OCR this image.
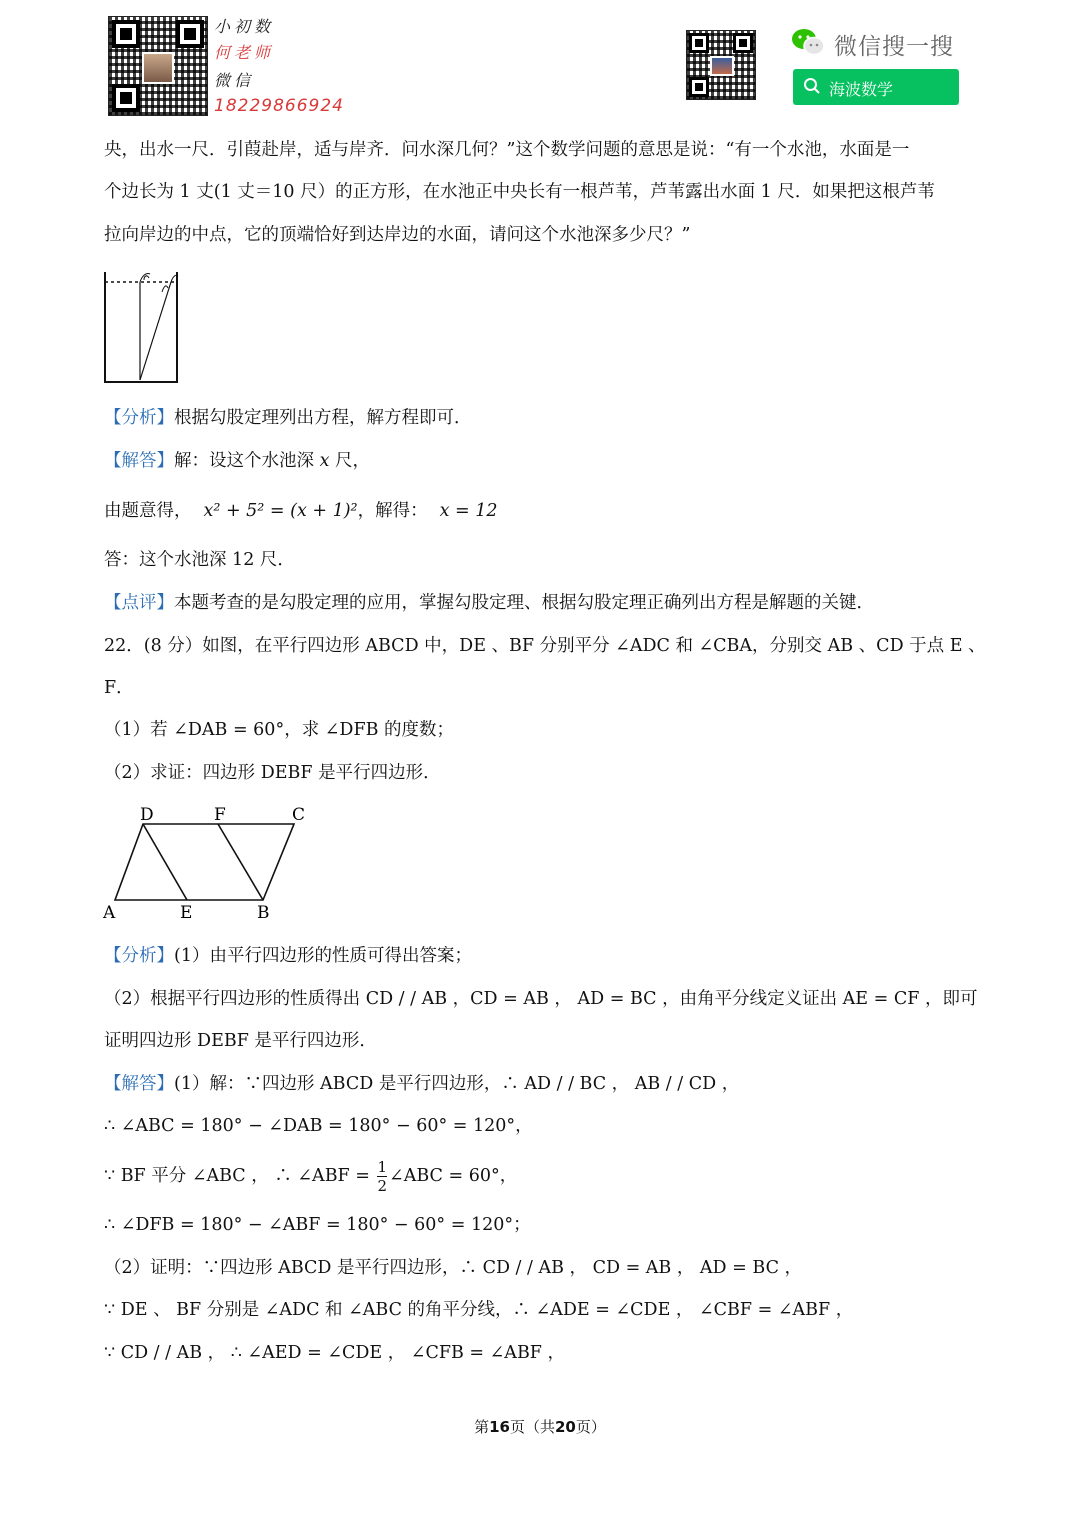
小初数
何老师
微信
18229866924
微信搜一搜
海波数学
央，出水一尺．引葭赴岸，适与岸齐．问水深几何？”这个数学问题的意思是说：“有一个水池，水面是一
个边长为 1 丈(1 丈＝10 尺）的正方形，在水池正中央长有一根芦苇，芦苇露出水面 1 尺．如果把这根芦苇
拉向岸边的中点，它的顶端恰好到达岸边的水面，请问这个水池深多少尺？”
【分析】根据勾股定理列出方程，解方程即可．
【解答】解：设这个水池深 x 尺，
由题意得， x² + 5² = (x + 1)²，解得： x = 12
答：这个水池深 12 尺．
【点评】本题考查的是勾股定理的应用，掌握勾股定理、根据勾股定理正确列出方程是解题的关键．
22．(8 分）如图，在平行四边形 ABCD 中，DE 、BF 分别平分 ∠ADC 和 ∠CBA，分别交 AB 、CD 于点 E 、
F．
（1）若 ∠DAB = 60°，求 ∠DFB 的度数；
（2）求证：四边形 DEBF 是平行四边形．
D	F	C
A	E	B
【分析】(1）由平行四边形的性质可得出答案；
（2）根据平行四边形的性质得出 CD / / AB ，CD = AB ， AD = BC ，由角平分线定义证出 AE = CF ，即可
证明四边形 DEBF 是平行四边形．
【解答】(1）解：∵四边形 ABCD 是平行四边形，∴ AD / / BC ， AB / / CD ，
∴ ∠ABC = 180° − ∠DAB = 180° − 60° = 120°，
∵ BF 平分 ∠ABC ， ∴ ∠ABF = $\frac{1}{2}$ ∠ABC = 60°，
∴ ∠DFB = 180° − ∠ABF = 180° − 60° = 120°；
（2）证明：∵四边形 ABCD 是平行四边形，∴ CD / / AB ， CD = AB ， AD = BC ，
∵ DE 、 BF 分别是 ∠ADC 和 ∠ABC 的角平分线，∴ ∠ADE = ∠CDE ， ∠CBF = ∠ABF ，
∵ CD / / AB ， ∴ ∠AED = ∠CDE ， ∠CFB = ∠ABF ，
第16页（共20页）
